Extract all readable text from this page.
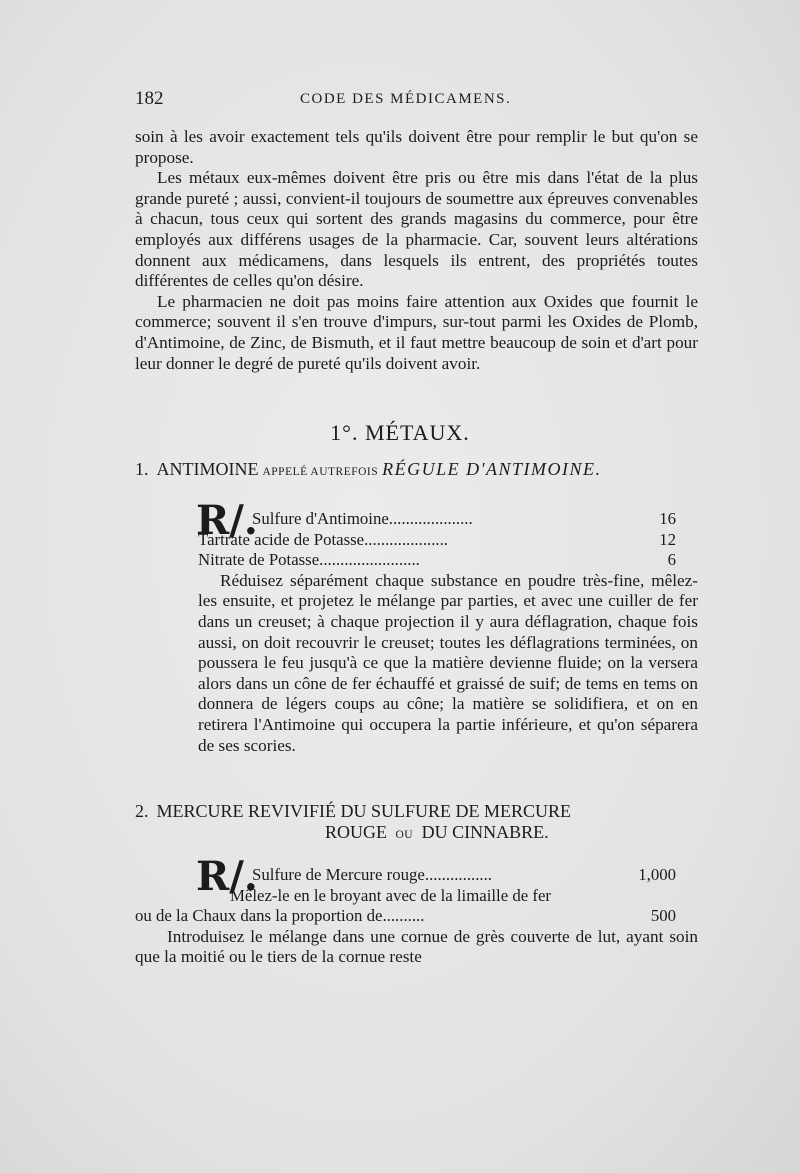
182	CODE DES MÉDICAMENS.

soin à les avoir exactement tels qu'ils doivent être pour remplir le but qu'on se propose.

Les métaux eux-mêmes doivent être pris ou être mis dans l'état de la plus grande pureté ; aussi, convient-il toujours de soumettre aux épreuves convenables à chacun, tous ceux qui sortent des grands magasins du commerce, pour être employés aux différens usages de la pharmacie. Car, souvent leurs altérations donnent aux médicamens, dans lesquels ils entrent, des propriétés toutes différentes de celles qu'on désire.

Le pharmacien ne doit pas moins faire attention aux Oxides que fournit le commerce; souvent il s'en trouve d'impurs, sur-tout parmi les Oxides de Plomb, d'Antimoine, de Zinc, de Bismuth, et il faut mettre beaucoup de soin et d'art pour leur donner le degré de pureté qu'ils doivent avoir.

1°. MÉTAUX.
1. ANTIMOINE APPELÉ AUTREFOIS RÉGULE D'ANTIMOINE.
R/.
Sulfure d'Antimoine....................	16
Tartrate acide de Potasse....................	12
Nitrate de Potasse........................	6

Réduisez séparément chaque substance en poudre très-fine, mêlez-les ensuite, et projetez le mélange par parties, et avec une cuiller de fer dans un creuset; à chaque projection il y aura déflagration, chaque fois aussi, on doit recouvrir le creuset; toutes les déflagrations terminées, on poussera le feu jusqu'à ce que la matière devienne fluide; on la versera alors dans un cône de fer échauffé et graissé de suif; de tems en tems on donnera de légers coups au cône; la matière se solidifiera, et on en retirera l'Antimoine qui occupera la partie inférieure, et qu'on séparera de ses scories.

2. MERCURE REVIVIFIÉ DU SULFURE DE MERCURE
ROUGE OU DU CINNABRE.
R/.
Sulfure de Mercure rouge................	1,000
Mêlez-le en le broyant avec de la limaille de fer
ou de la Chaux dans la proportion de..........	500

Introduisez le mélange dans une cornue de grès couverte de lut, ayant soin que la moitié ou le tiers de la cornue reste
